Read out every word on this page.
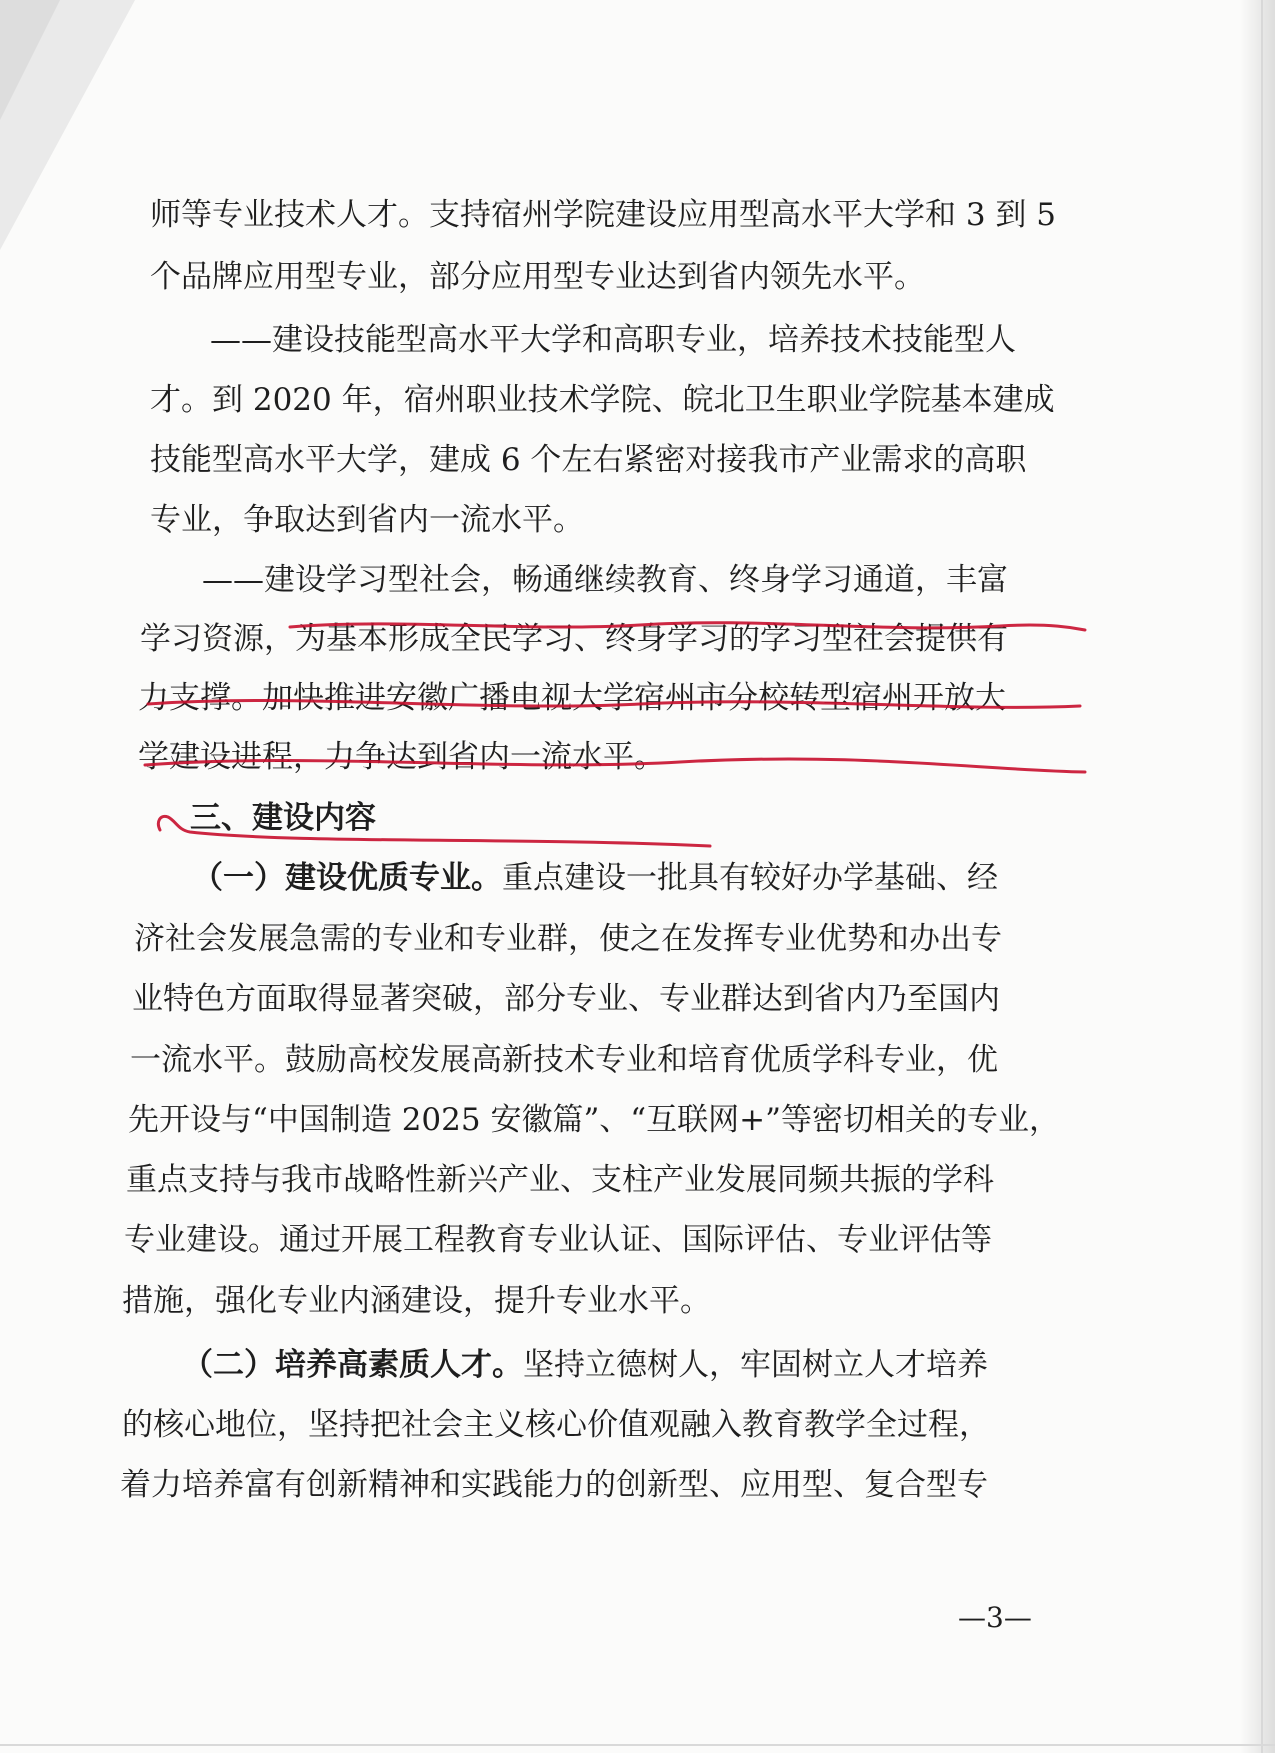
师等专业技术人才。支持宿州学院建设应用型高水平大学和 3 到 5
个品牌应用型专业，部分应用型专业达到省内领先水平。
——建设技能型高水平大学和高职专业，培养技术技能型人
才。到 2020 年，宿州职业技术学院、皖北卫生职业学院基本建成
技能型高水平大学，建成 6 个左右紧密对接我市产业需求的高职
专业，争取达到省内一流水平。
——建设学习型社会，畅通继续教育、终身学习通道，丰富
学习资源，为基本形成全民学习、终身学习的学习型社会提供有
力支撑。加快推进安徽广播电视大学宿州市分校转型宿州开放大
学建设进程，力争达到省内一流水平。
三、建设内容
（一）建设优质专业。重点建设一批具有较好办学基础、经
济社会发展急需的专业和专业群，使之在发挥专业优势和办出专
业特色方面取得显著突破，部分专业、专业群达到省内乃至国内
一流水平。鼓励高校发展高新技术专业和培育优质学科专业，优
先开设与“中国制造 2025 安徽篇”、“互联网+”等密切相关的专业，
重点支持与我市战略性新兴产业、支柱产业发展同频共振的学科
专业建设。通过开展工程教育专业认证、国际评估、专业评估等
措施，强化专业内涵建设，提升专业水平。
（二）培养高素质人才。坚持立德树人，牢固树立人才培养
的核心地位，坚持把社会主义核心价值观融入教育教学全过程，
着力培养富有创新精神和实践能力的创新型、应用型、复合型专
—3—
